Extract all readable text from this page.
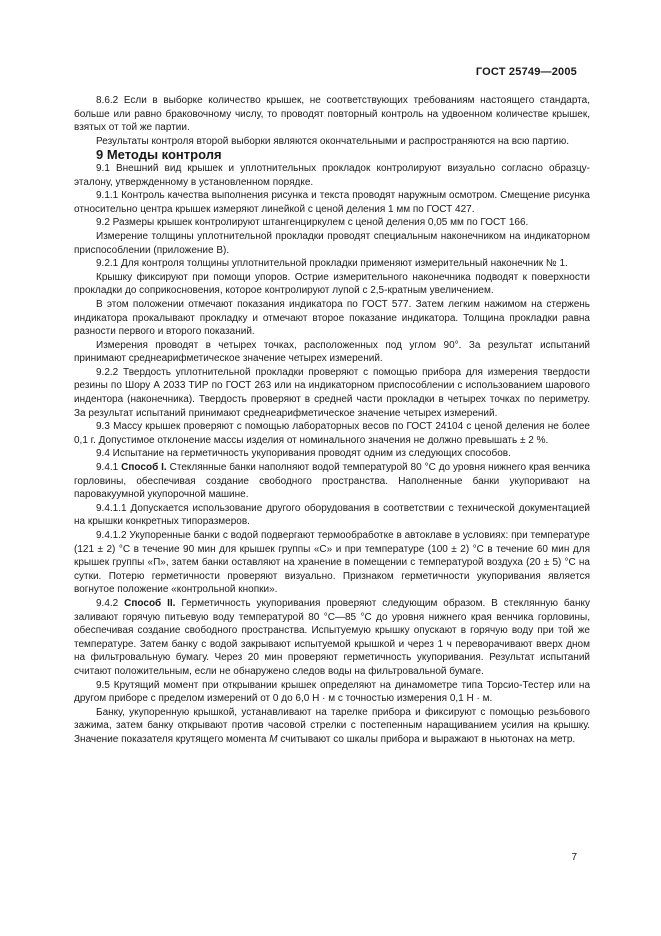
ГОСТ 25749—2005

8.6.2 Если в выборке количество крышек, не соответствующих требованиям настоящего стандарта, больше или равно браковочному числу, то проводят повторный контроль на удвоенном количестве крышек, взятых от той же партии.

Результаты контроля второй выборки являются окончательными и распространяются на всю партию.

9 Методы контроля

9.1 Внешний вид крышек и уплотнительных прокладок контролируют визуально согласно образцу-эталону, утвержденному в установленном порядке.

9.1.1 Контроль качества выполнения рисунка и текста проводят наружным осмотром. Смещение рисунка относительно центра крышек измеряют линейкой с ценой деления 1 мм по ГОСТ 427.

9.2 Размеры крышек контролируют штангенциркулем с ценой деления 0,05 мм по ГОСТ 166.

Измерение толщины уплотнительной прокладки проводят специальным наконечником на индикаторном приспособлении (приложение В).

9.2.1 Для контроля толщины уплотнительной прокладки применяют измерительный наконечник № 1.

Крышку фиксируют при помощи упоров. Острие измерительного наконечника подводят к поверхности прокладки до соприкосновения, которое контролируют лупой с 2,5-кратным увеличением.

В этом положении отмечают показания индикатора по ГОСТ 577. Затем легким нажимом на стержень индикатора прокалывают прокладку и отмечают второе показание индикатора. Толщина прокладки равна разности первого и второго показаний.

Измерения проводят в четырех точках, расположенных под углом 90°. За результат испытаний принимают среднеарифметическое значение четырех измерений.

9.2.2 Твердость уплотнительной прокладки проверяют с помощью прибора для измерения твердости резины по Шору А 2033 ТИР по ГОСТ 263 или на индикаторном приспособлении с использованием шарового индентора (наконечника). Твердость проверяют в средней части прокладки в четырех точках по периметру. За результат испытаний принимают среднеарифметическое значение четырех измерений.

9.3 Массу крышек проверяют с помощью лабораторных весов по ГОСТ 24104 с ценой деления не более 0,1 г. Допустимое отклонение массы изделия от номинального значения не должно превышать ± 2 %.

9.4 Испытание на герметичность укупоривания проводят одним из следующих способов.

9.4.1 Способ I. Стеклянные банки наполняют водой температурой 80 °С до уровня нижнего края венчика горловины, обеспечивая создание свободного пространства. Наполненные банки укупоривают на паровакуумной укупорочной машине.

9.4.1.1 Допускается использование другого оборудования в соответствии с технической документацией на крышки конкретных типоразмеров.

9.4.1.2 Укупоренные банки с водой подвергают термообработке в автоклаве в условиях: при температуре (121 ± 2) °С в течение 90 мин для крышек группы «С» и при температуре (100 ± 2) °С в течение 60 мин для крышек группы «П», затем банки оставляют на хранение в помещении с температурой воздуха (20 ± 5) °С на сутки. Потерю герметичности проверяют визуально. Признаком герметичности укупоривания является вогнутое положение «контрольной кнопки».

9.4.2 Способ II. Герметичность укупоривания проверяют следующим образом. В стеклянную банку заливают горячую питьевую воду температурой 80 °С—85 °С до уровня нижнего края венчика горловины, обеспечивая создание свободного пространства. Испытуемую крышку опускают в горячую воду при той же температуре. Затем банку с водой закрывают испытуемой крышкой и через 1 ч переворачивают вверх дном на фильтровальную бумагу. Через 20 мин проверяют герметичность укупоривания. Результат испытаний считают положительным, если не обнаружено следов воды на фильтровальной бумаге.

9.5 Крутящий момент при открывании крышек определяют на динамометре типа Торсио-Тестер или на другом приборе с пределом измерений от 0 до 6,0 Н · м с точностью измерения 0,1 Н · м.

Банку, укупоренную крышкой, устанавливают на тарелке прибора и фиксируют с помощью резьбового зажима, затем банку открывают против часовой стрелки с постепенным наращиванием усилия на крышку. Значение показателя крутящего момента М считывают со шкалы прибора и выражают в ньютонах на метр.

7
